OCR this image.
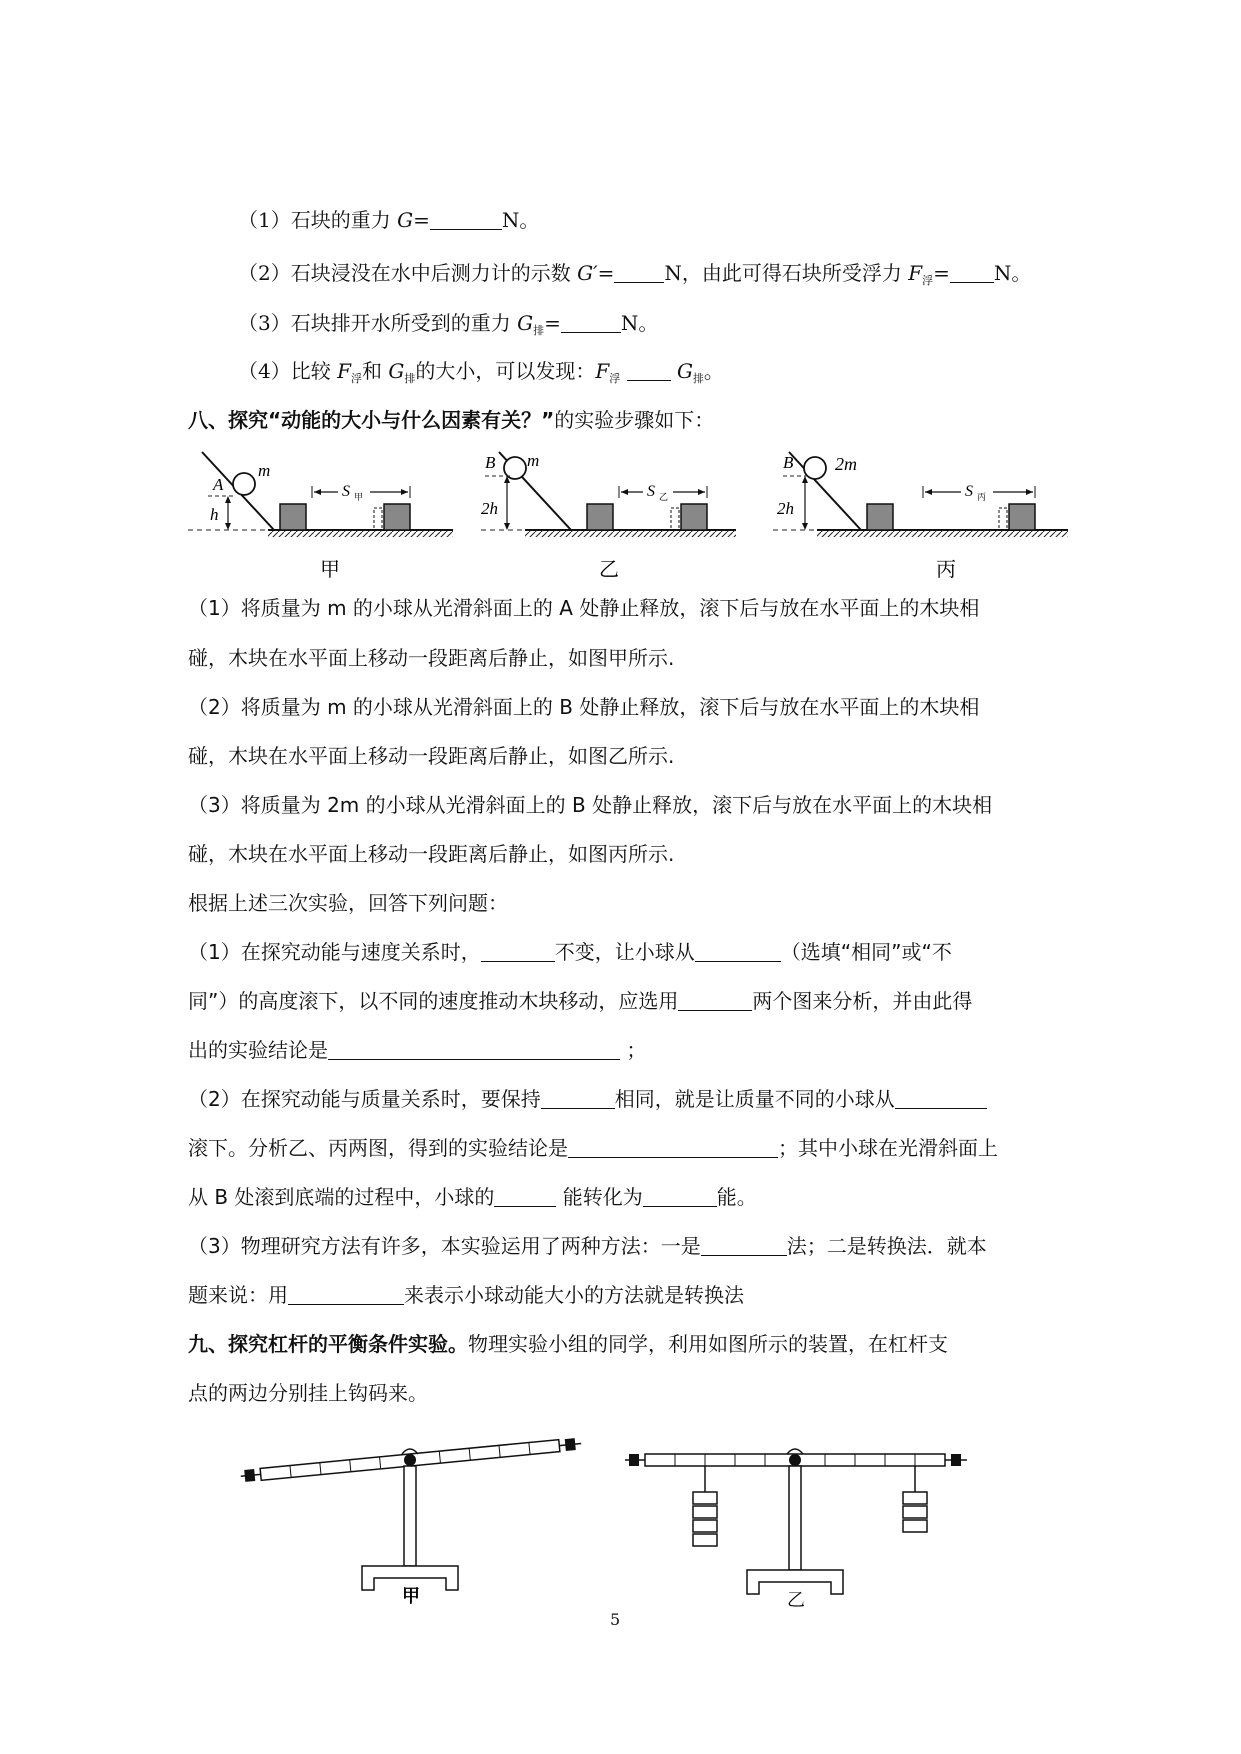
（1）石块的重力 G=	N。
（2）石块浸没在水中后测力计的示数 G′=	N，由此可得石块所受浮力 $F_浮= N$。
（3）石块排开水所受到的重力 $G_排=$	N。
（4）比较 $F_浮$和 $G_排$的大小，可以发现：$F_浮$	$G_排$。
八、探究“动能的大小与什么因素有关？”的实验步骤如下：
m
A
h
S 甲
甲
m
B
2h
S 乙
乙
2m
B
2h
S 丙
丙
（1）将质量为 m 的小球从光滑斜面上的 A 处静止释放，滚下后与放在水平面上的木块相
碰，木块在水平面上移动一段距离后静止，如图甲所示.
（2）将质量为 m 的小球从光滑斜面上的 B 处静止释放，滚下后与放在水平面上的木块相
碰，木块在水平面上移动一段距离后静止，如图乙所示.
（3）将质量为 2m 的小球从光滑斜面上的 B 处静止释放，滚下后与放在水平面上的木块相
碰，木块在水平面上移动一段距离后静止，如图丙所示.
根据上述三次实验，回答下列问题：
（1）在探究动能与速度关系时，	不变，让小球从	（选填“相同”或“不
同”）的高度滚下，以不同的速度推动木块移动，应选用	两个图来分析，并由此得
出的实验结论是	；
（2）在探究动能与质量关系时，要保持	相同，就是让质量不同的小球从
滚下。分析乙、丙两图，得到的实验结论是	；其中小球在光滑斜面上
从 B 处滚到底端的过程中，小球的	能转化为	能。
（3）物理研究方法有许多，本实验运用了两种方法：一是	法；二是转换法．就本
题来说：用	来表示小球动能大小的方法就是转换法
九、探究杠杆的平衡条件实验。物理实验小组的同学，利用如图所示的装置，在杠杆支
点的两边分别挂上钩码来。
甲	乙
5
